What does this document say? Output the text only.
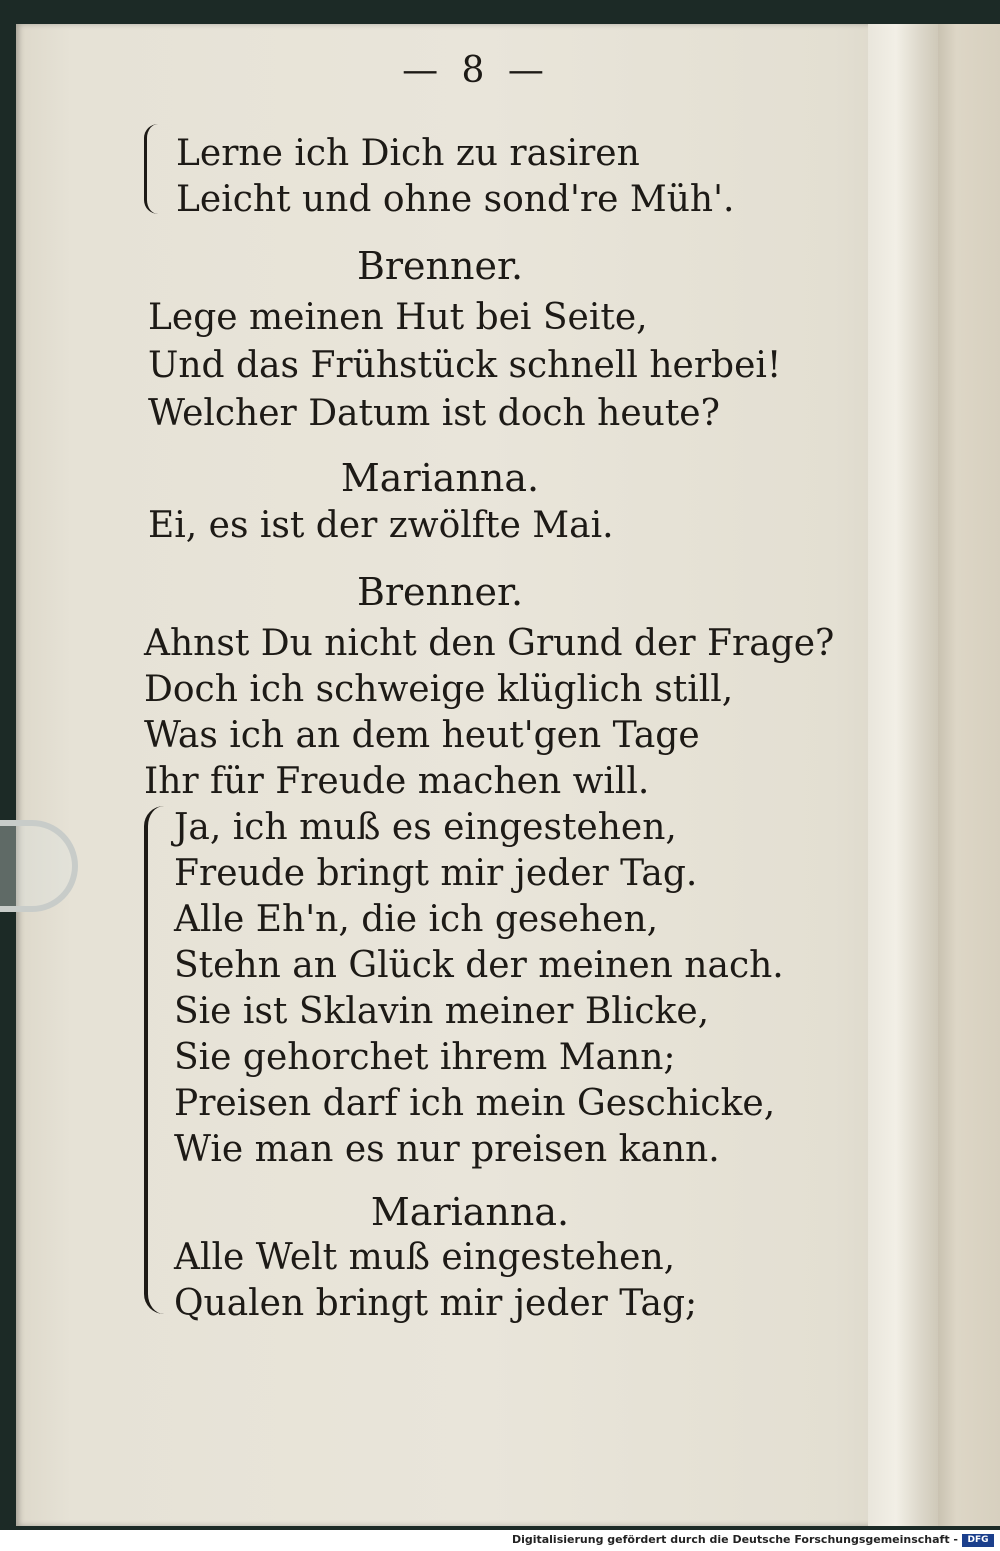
— 8 —
Lerne ich Dich zu rasiren
Leicht und ohne sond're Müh'.
Brenner.
Lege meinen Hut bei Seite,
Und das Frühstück schnell herbei!
Welcher Datum ist doch heute?
Marianna.
Ei, es ist der zwölfte Mai.
Brenner.
Ahnst Du nicht den Grund der Frage?
Doch ich schweige klüglich still,
Was ich an dem heut'gen Tage
Ihr für Freude machen will.
Ja, ich muß es eingestehen,
Freude bringt mir jeder Tag.
Alle Eh'n, die ich gesehen,
Stehn an Glück der meinen nach.
Sie ist Sklavin meiner Blicke,
Sie gehorchet ihrem Mann;
Preisen darf ich mein Geschicke,
Wie man es nur preisen kann.
Marianna.
Alle Welt muß eingestehen,
Qualen bringt mir jeder Tag;
Digitalisierung gefördert durch die Deutsche Forschungsgemeinschaft -	DFG
